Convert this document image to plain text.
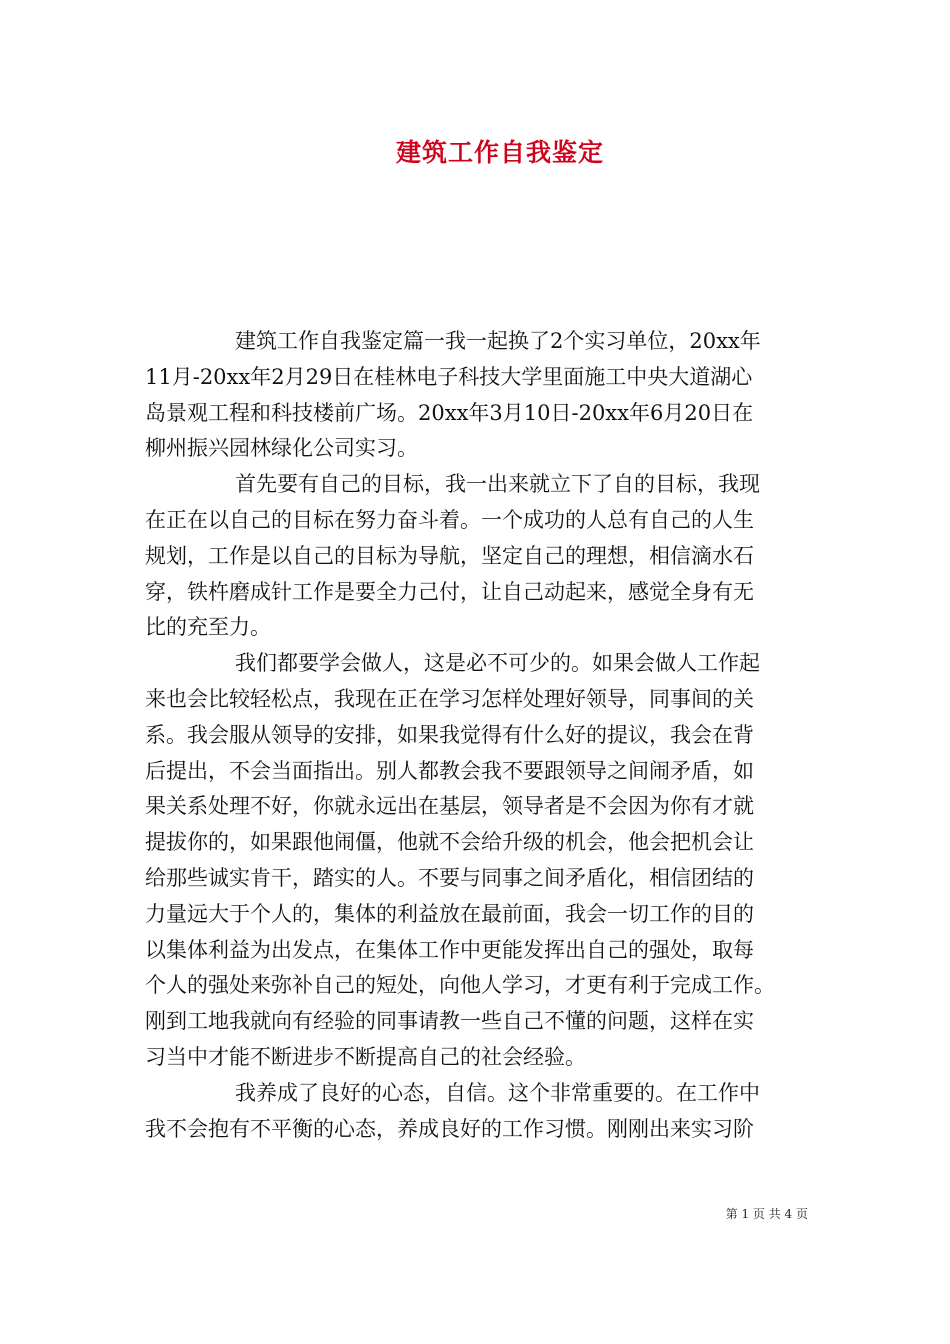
建筑工作自我鉴定
建筑工作自我鉴定篇一我一起换了2个实习单位，20xx年
11月-20xx年2月29日在桂林电子科技大学里面施工中央大道湖心
岛景观工程和科技楼前广场。20xx年3月10日-20xx年6月20日在
柳州振兴园林绿化公司实习。
首先要有自己的目标，我一出来就立下了自的目标，我现
在正在以自己的目标在努力奋斗着。一个成功的人总有自己的人生
规划，工作是以自己的目标为导航，坚定自己的理想，相信滴水石
穿，铁杵磨成针工作是要全力己付，让自己动起来，感觉全身有无
比的充至力。
我们都要学会做人，这是必不可少的。如果会做人工作起
来也会比较轻松点，我现在正在学习怎样处理好领导，同事间的关
系。我会服从领导的安排，如果我觉得有什么好的提议，我会在背
后提出，不会当面指出。别人都教会我不要跟领导之间闹矛盾，如
果关系处理不好，你就永远出在基层，领导者是不会因为你有才就
提拔你的，如果跟他闹僵，他就不会给升级的机会，他会把机会让
给那些诚实肯干，踏实的人。不要与同事之间矛盾化，相信团结的
力量远大于个人的，集体的利益放在最前面，我会一切工作的目的
以集体利益为出发点，在集体工作中更能发挥出自己的强处，取每
个人的强处来弥补自己的短处，向他人学习，才更有利于完成工作。
刚到工地我就向有经验的同事请教一些自己不懂的问题，这样在实
习当中才能不断进步不断提高自己的社会经验。
我养成了良好的心态，自信。这个非常重要的。在工作中
我不会抱有不平衡的心态，养成良好的工作习惯。刚刚出来实习阶
第 1 页 共 4 页
